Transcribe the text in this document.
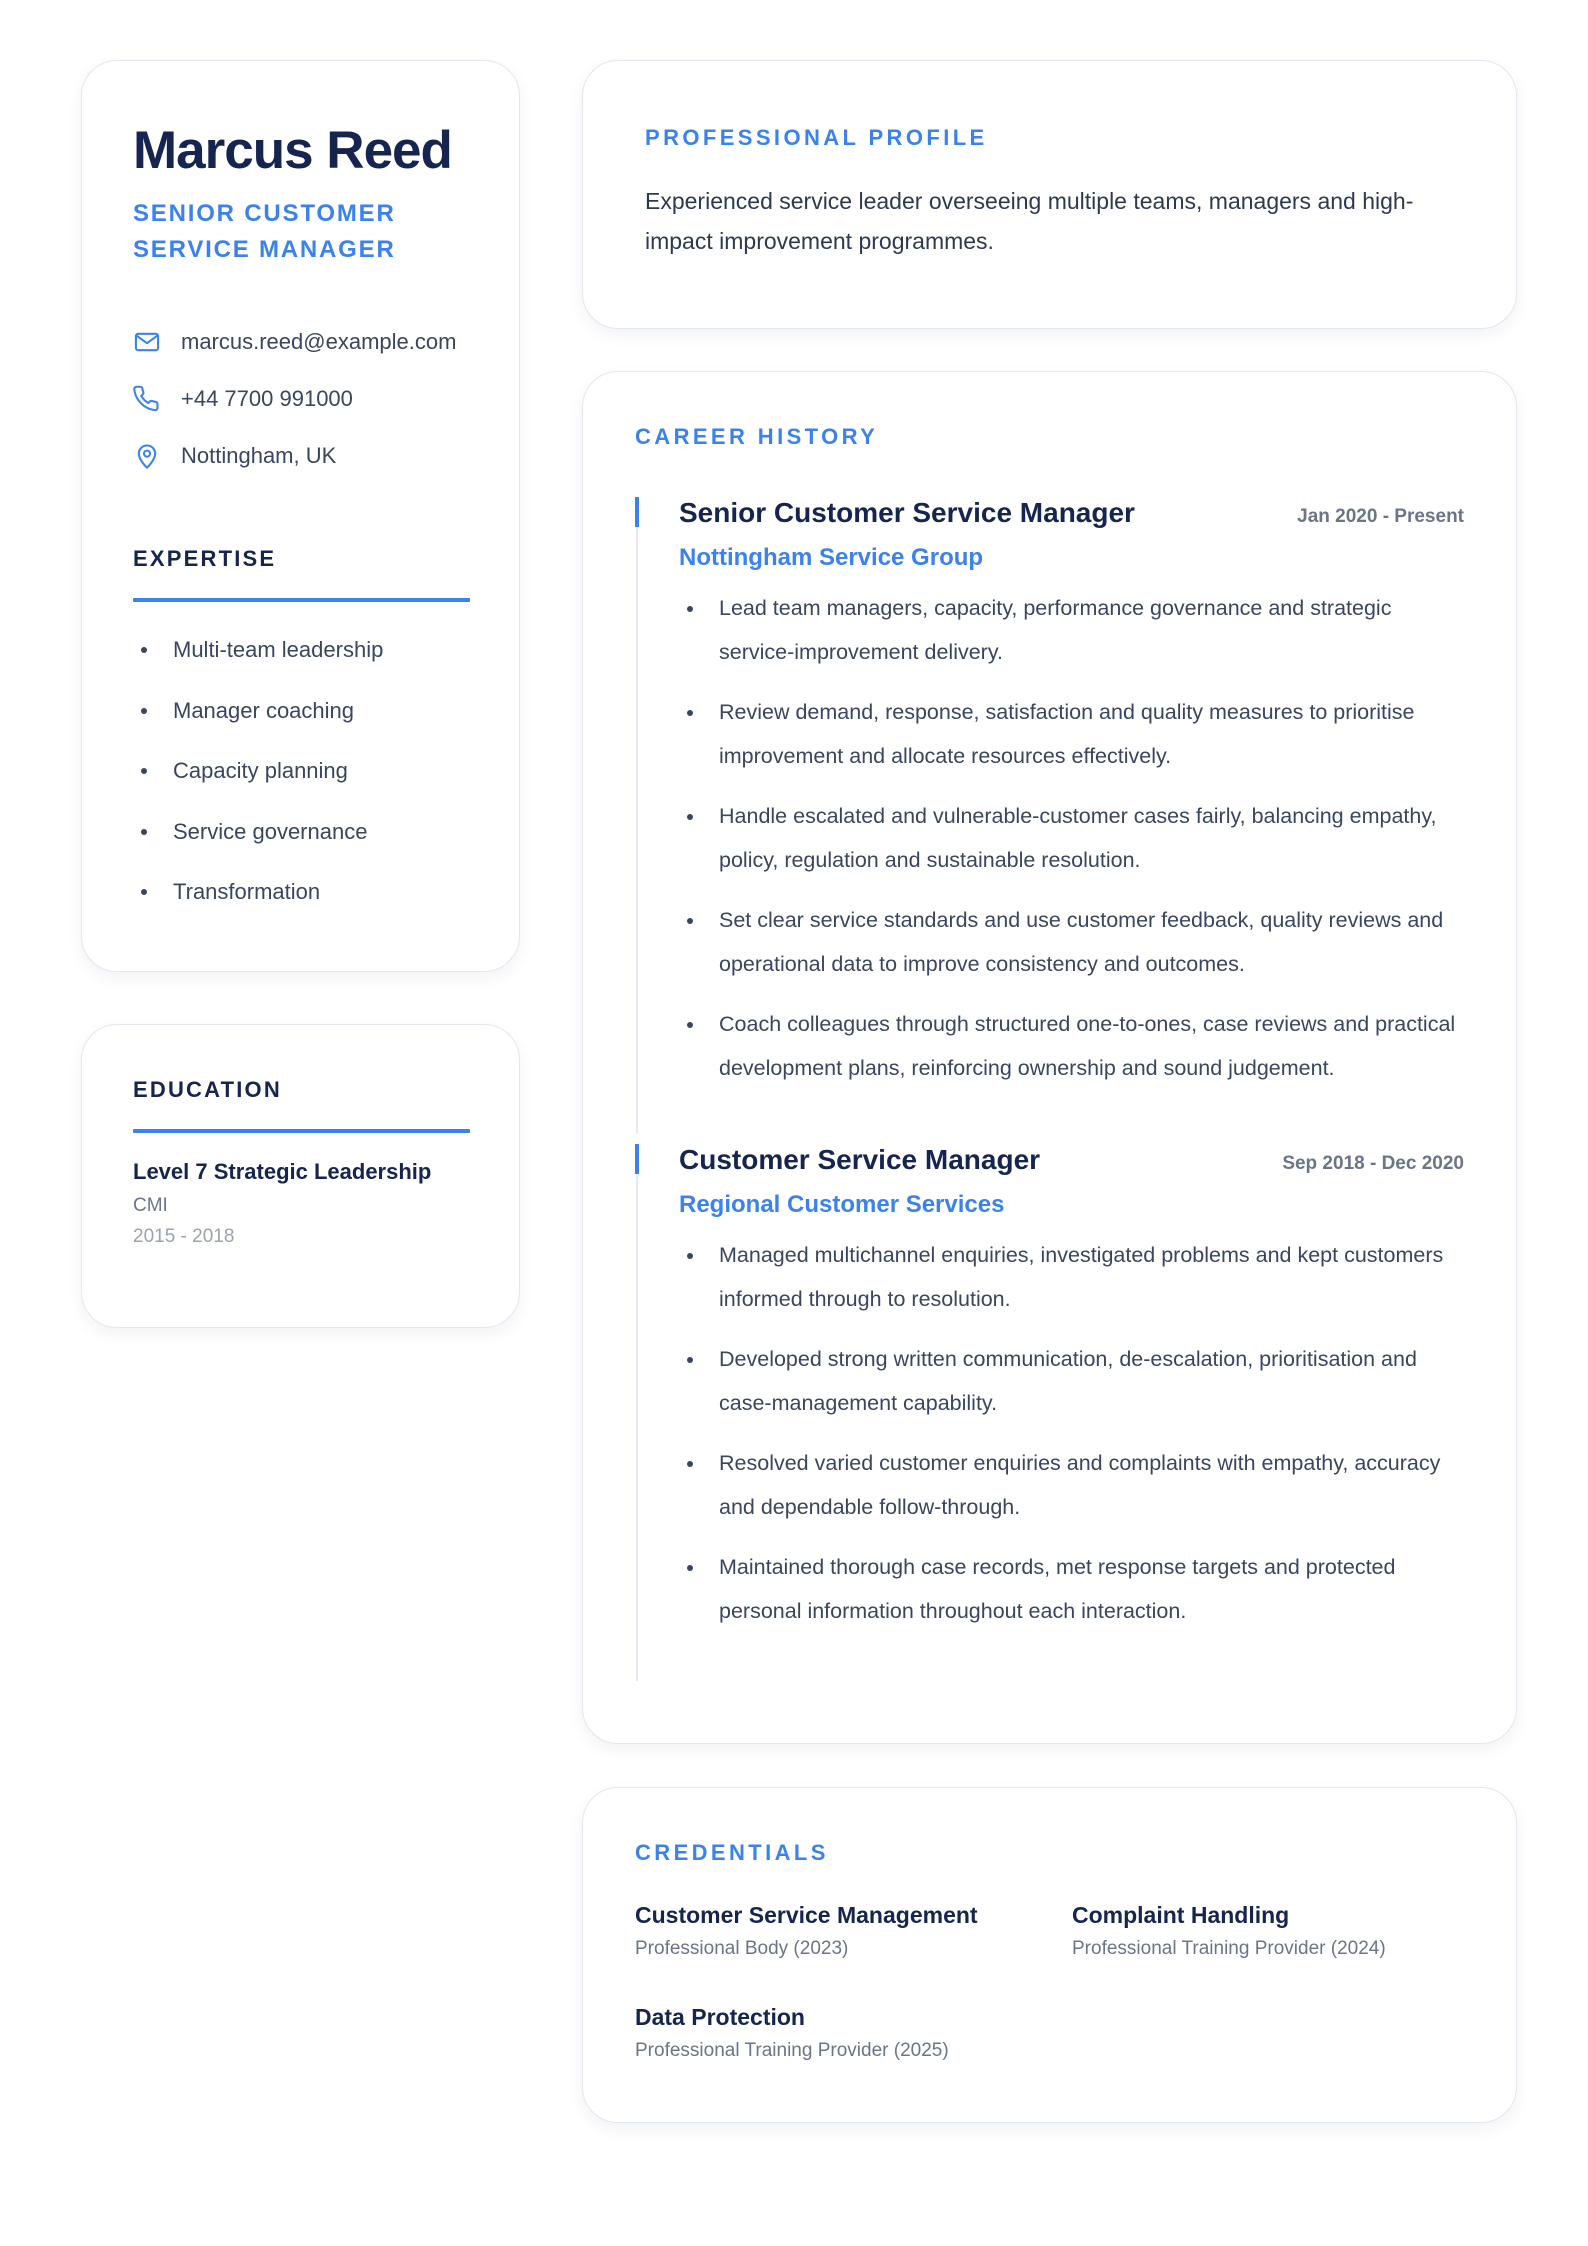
Marcus Reed
SENIOR CUSTOMER SERVICE MANAGER
marcus.reed@example.com
+44 7700 991000
Nottingham, UK
EXPERTISE
Multi-team leadership
Manager coaching
Capacity planning
Service governance
Transformation
EDUCATION
Level 7 Strategic Leadership
CMI
2015 - 2018
PROFESSIONAL PROFILE

Experienced service leader overseeing multiple teams, managers and high-impact improvement programmes.

CAREER HISTORY
Senior Customer Service Manager	Jan 2020 - Present
Nottingham Service Group
Lead team managers, capacity, performance governance and strategic service-improvement delivery.
Review demand, response, satisfaction and quality measures to prioritise improvement and allocate resources effectively.
Handle escalated and vulnerable-customer cases fairly, balancing empathy, policy, regulation and sustainable resolution.
Set clear service standards and use customer feedback, quality reviews and operational data to improve consistency and outcomes.
Coach colleagues through structured one-to-ones, case reviews and practical development plans, reinforcing ownership and sound judgement.
Customer Service Manager	Sep 2018 - Dec 2020
Regional Customer Services
Managed multichannel enquiries, investigated problems and kept customers informed through to resolution.
Developed strong written communication, de-escalation, prioritisation and case-management capability.
Resolved varied customer enquiries and complaints with empathy, accuracy and dependable follow-through.
Maintained thorough case records, met response targets and protected personal information throughout each interaction.
CREDENTIALS
Customer Service Management
Professional Body (2023)
Complaint Handling
Professional Training Provider (2024)
Data Protection
Professional Training Provider (2025)
